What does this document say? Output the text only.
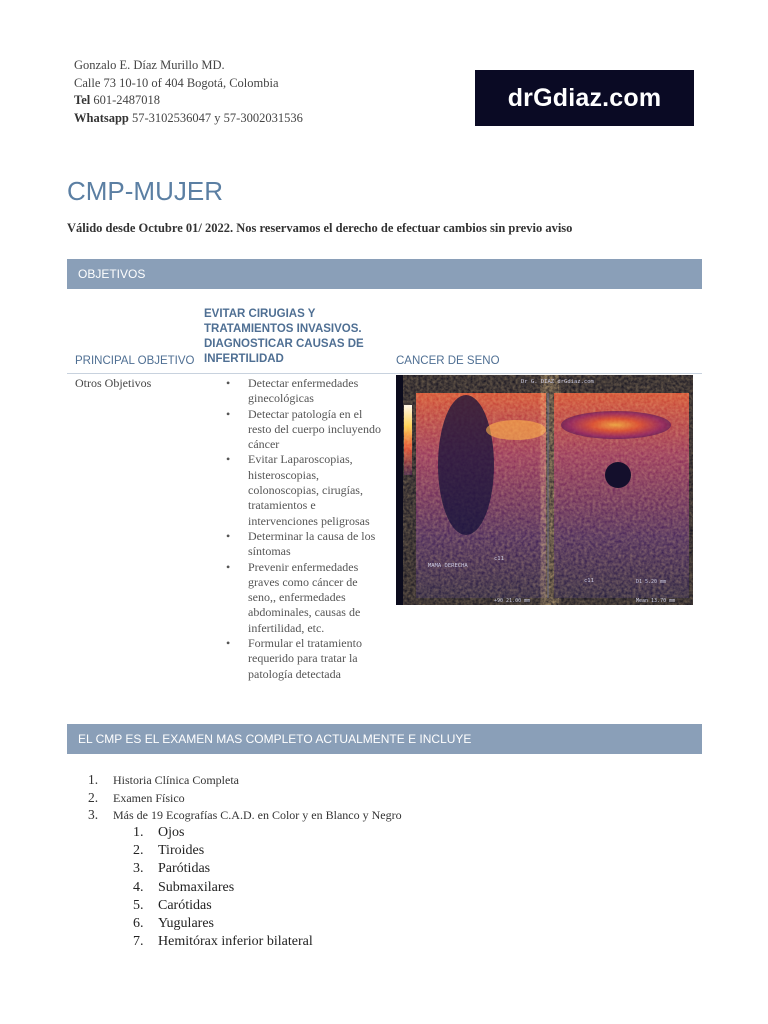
Gonzalo E. Díaz Murillo MD.
Calle 73 10-10 of 404 Bogotá, Colombia
Tel 601-2487018
Whatsapp 57-3102536047 y 57-3002031536
drGdiaz.com
CMP-MUJER
Válido desde Octubre 01/ 2022. Nos reservamos el derecho de efectuar cambios sin previo aviso
OBJETIVOS
PRINCIPAL OBJETIVO
EVITAR CIRUGIAS Y TRATAMIENTOS INVASIVOS. DIAGNOSTICAR CAUSAS DE INFERTILIDAD	CANCER DE SENO
Otros Objetivos
•	Detectar enfermedades ginecológicas
• Detectar patología en el resto del cuerpo incluyendo cáncer
• Evitar Laparoscopias, histeroscopias, colonoscopias, cirugías, tratamientos e intervenciones peligrosas
• Determinar la causa de los síntomas
• Prevenir enfermedades graves como cáncer de seno,, enfermedades abdominales, causas de infertilidad, etc.
• Formular el tratamiento requerido para tratar la patología detectada
Dr G. DIAZ drGdiaz.com
MAMA DERECHA
c11
c11
+90 21.00 mm
D1 5.20 mm
Mean 13.70 mm
EL CMP ES EL EXAMEN MAS COMPLETO ACTUALMENTE E INCLUYE
1.	Historia Clínica Completa
2.	Examen Físico
3.	Más de 19 Ecografías C.A.D. en Color y en Blanco y Negro
1.	Ojos
2.	Tiroides
3.	Parótidas
4.	Submaxilares
5.	Carótidas
6.	Yugulares
7.	Hemitórax inferior bilateral
